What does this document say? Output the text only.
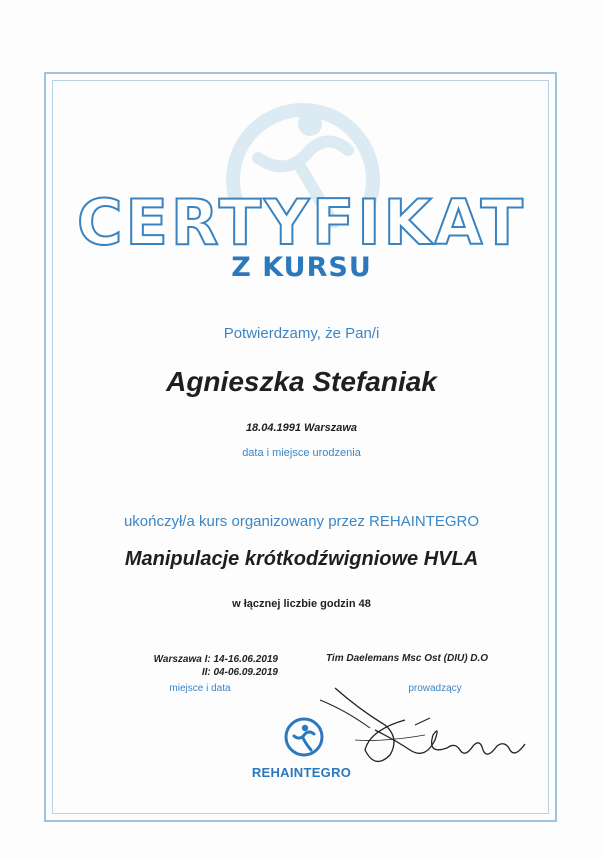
CERTYFIKAT
Z KURSU
Potwierdzamy, że Pan/i
Agnieszka Stefaniak
18.04.1991 Warszawa
data i miejsce urodzenia
ukończył/a kurs organizowany przez REHAINTEGRO
Manipulacje krótkodźwigniowe HVLA
w łącznej liczbie godzin 48
Warszawa I: 14-16.06.2019
II: 04-06.09.2019
miejsce i data
Tim Daelemans Msc Ost (DIU) D.O
prowadzący
REHAINTEGRO
